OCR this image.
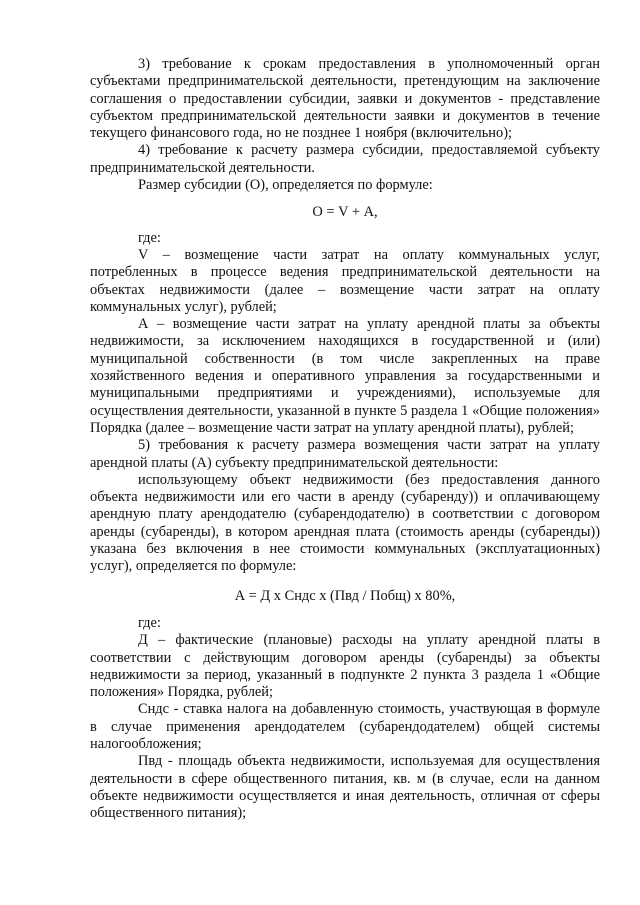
3) требование к срокам предоставления в уполномоченный орган субъектами предпринимательской деятельности, претендующим на заключение соглашения о предоставлении субсидии, заявки и документов - представление субъектом предпринимательской деятельности заявки и документов в течение текущего финансового года, но не позднее 1 ноября (включительно);

4) требование к расчету размера субсидии, предоставляемой субъекту предпринимательской деятельности.

Размер субсидии (О), определяется по формуле:

О = V + А,

где:

V – возмещение части затрат на оплату коммунальных услуг, потребленных в процессе ведения предпринимательской деятельности на объектах недвижимости (далее – возмещение части затрат на оплату коммунальных услуг), рублей;

А – возмещение части затрат на уплату арендной платы за объекты недвижимости, за исключением находящихся в государственной и (или) муниципальной собственности (в том числе закрепленных на праве хозяйственного ведения и оперативного управления за государственными и муниципальными предприятиями и учреждениями), используемые для осуществления деятельности, указанной в пункте 5 раздела 1 «Общие положения» Порядка (далее – возмещение части затрат на уплату арендной платы), рублей;

5) требования к расчету размера возмещения части затрат на уплату арендной платы (А) субъекту предпринимательской деятельности:

использующему объект недвижимости (без предоставления данного объекта недвижимости или его части в аренду (субаренду)) и оплачивающему арендную плату арендодателю (субарендодателю) в соответствии с договором аренды (субаренды), в котором арендная плата (стоимость аренды (субаренды)) указана без включения в нее стоимости коммунальных (эксплуатационных) услуг), определяется по формуле:

А = Д х Сндс х (Пвд / Побщ) х 80%,

где:

Д – фактические (плановые) расходы на уплату арендной платы в соответствии с действующим договором аренды (субаренды) за объекты недвижимости за период, указанный в подпункте 2 пункта 3 раздела 1 «Общие положения» Порядка, рублей;

Сндс - ставка налога на добавленную стоимость, участвующая в формуле в случае применения арендодателем (субарендодателем) общей системы налогообложения;

Пвд - площадь объекта недвижимости, используемая для осуществления деятельности в сфере общественного питания, кв. м (в случае, если на данном объекте недвижимости осуществляется и иная деятельность, отличная от сферы общественного питания);
